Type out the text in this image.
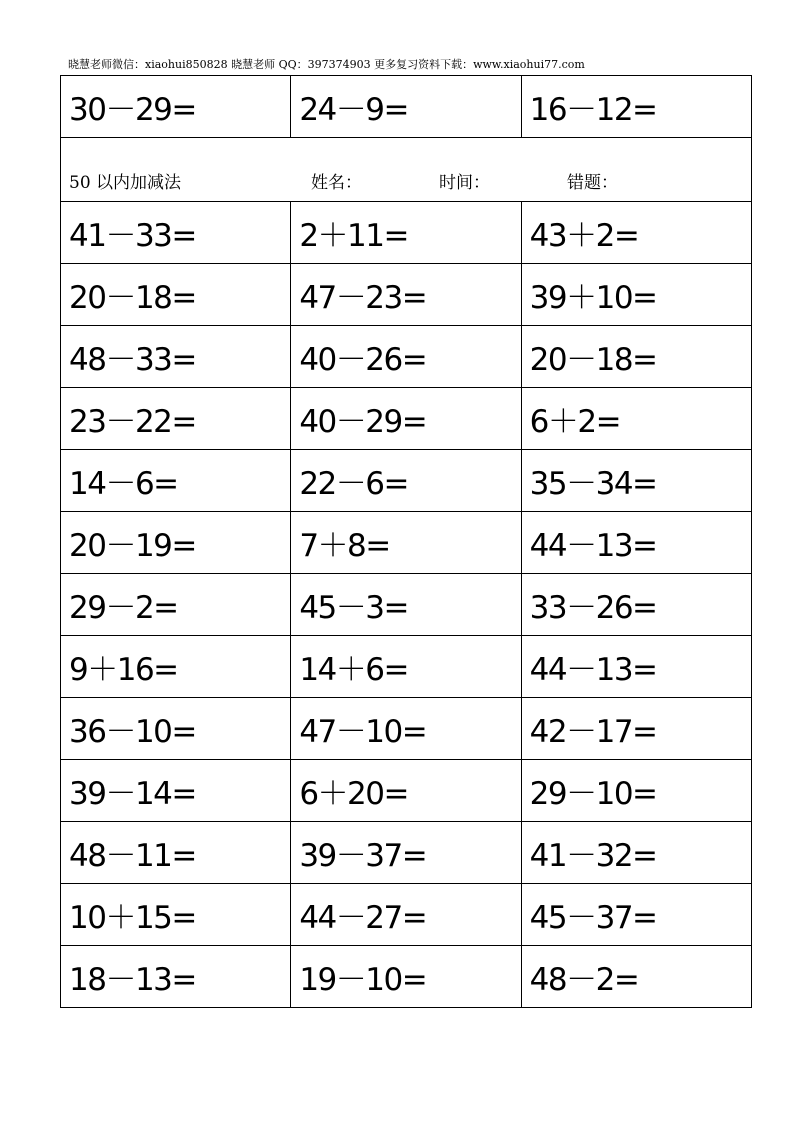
晓慧老师微信：xiaohui850828 晓慧老师 QQ：397374903 更多复习资料下载：www.xiaohui77.com
30－29=	24－9=	16－12=
50 以内加减法 姓名： 时间： 错题：		
41－33=	2＋11=	43＋2=
20－18=	47－23=	39＋10=
48－33=	40－26=	20－18=
23－22=	40－29=	6＋2=
14－6=	22－6=	35－34=
20－19=	7＋8=	44－13=
29－2=	45－3=	33－26=
9＋16=	14＋6=	44－13=
36－10=	47－10=	42－17=
39－14=	6＋20=	29－10=
48－11=	39－37=	41－32=
10＋15=	44－27=	45－37=
18－13=	19－10=	48－2=
